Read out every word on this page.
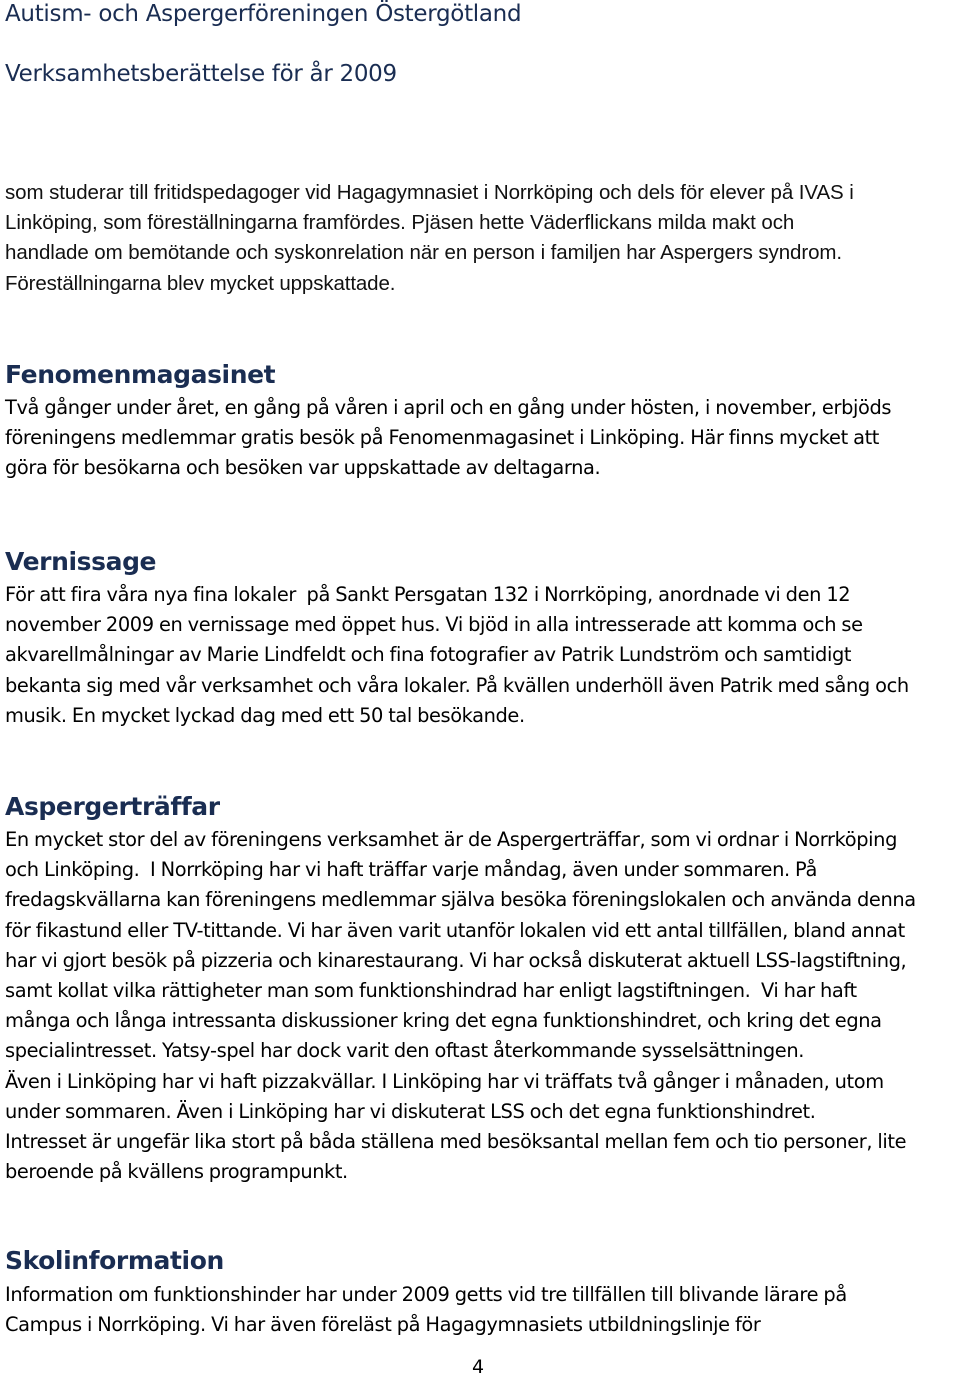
Autism- och Aspergerföreningen Östergötland
Verksamhetsberättelse för år 2009
som studerar till fritidspedagoger vid Hagagymnasiet i Norrköping och dels för elever på IVAS i
Linköping, som föreställningarna framfördes. Pjäsen hette Väderflickans milda makt och
handlade om bemötande och syskonrelation när en person i familjen har Aspergers syndrom.
Föreställningarna blev mycket uppskattade.
Fenomenmagasinet
Två gånger under året, en gång på våren i april och en gång under hösten, i november, erbjöds
föreningens medlemmar gratis besök på Fenomenmagasinet i Linköping. Här finns mycket att
göra för besökarna och besöken var uppskattade av deltagarna.
Vernissage
För att fira våra nya fina lokaler  på Sankt Persgatan 132 i Norrköping, anordnade vi den 12
november 2009 en vernissage med öppet hus. Vi bjöd in alla intresserade att komma och se
akvarellmålningar av Marie Lindfeldt och fina fotografier av Patrik Lundström och samtidigt
bekanta sig med vår verksamhet och våra lokaler. På kvällen underhöll även Patrik med sång och
musik. En mycket lyckad dag med ett 50 tal besökande.
Aspergerträffar
En mycket stor del av föreningens verksamhet är de Aspergerträffar, som vi ordnar i Norrköping
och Linköping.  I Norrköping har vi haft träffar varje måndag, även under sommaren. På
fredagskvällarna kan föreningens medlemmar själva besöka föreningslokalen och använda denna
för fikastund eller TV-tittande. Vi har även varit utanför lokalen vid ett antal tillfällen, bland annat
har vi gjort besök på pizzeria och kinarestaurang. Vi har också diskuterat aktuell LSS-lagstiftning,
samt kollat vilka rättigheter man som funktionshindrad har enligt lagstiftningen.  Vi har haft
många och långa intressanta diskussioner kring det egna funktionshindret, och kring det egna
specialintresset. Yatsy-spel har dock varit den oftast återkommande sysselsättningen.
Även i Linköping har vi haft pizzakvällar. I Linköping har vi träffats två gånger i månaden, utom
under sommaren. Även i Linköping har vi diskuterat LSS och det egna funktionshindret.
Intresset är ungefär lika stort på båda ställena med besöksantal mellan fem och tio personer, lite
beroende på kvällens programpunkt.
Skolinformation
Information om funktionshinder har under 2009 getts vid tre tillfällen till blivande lärare på
Campus i Norrköping. Vi har även föreläst på Hagagymnasiets utbildningslinje för
4
